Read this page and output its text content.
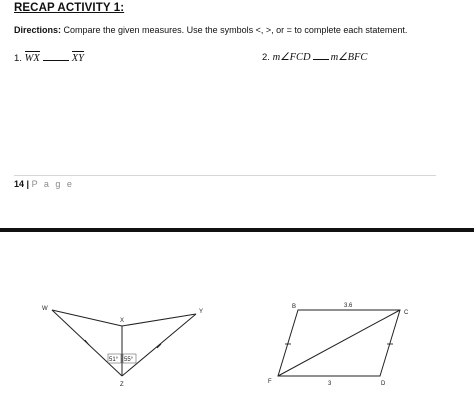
RECAP ACTIVITY 1:
Directions: Compare the given measures. Use the symbols <, >, or = to complete each statement.
1. WX	XY	2. m∠FCD m∠BFC
14 | P a g e
51° 55°
W
X
Y
Z
3.6
3
B
C
D
F
